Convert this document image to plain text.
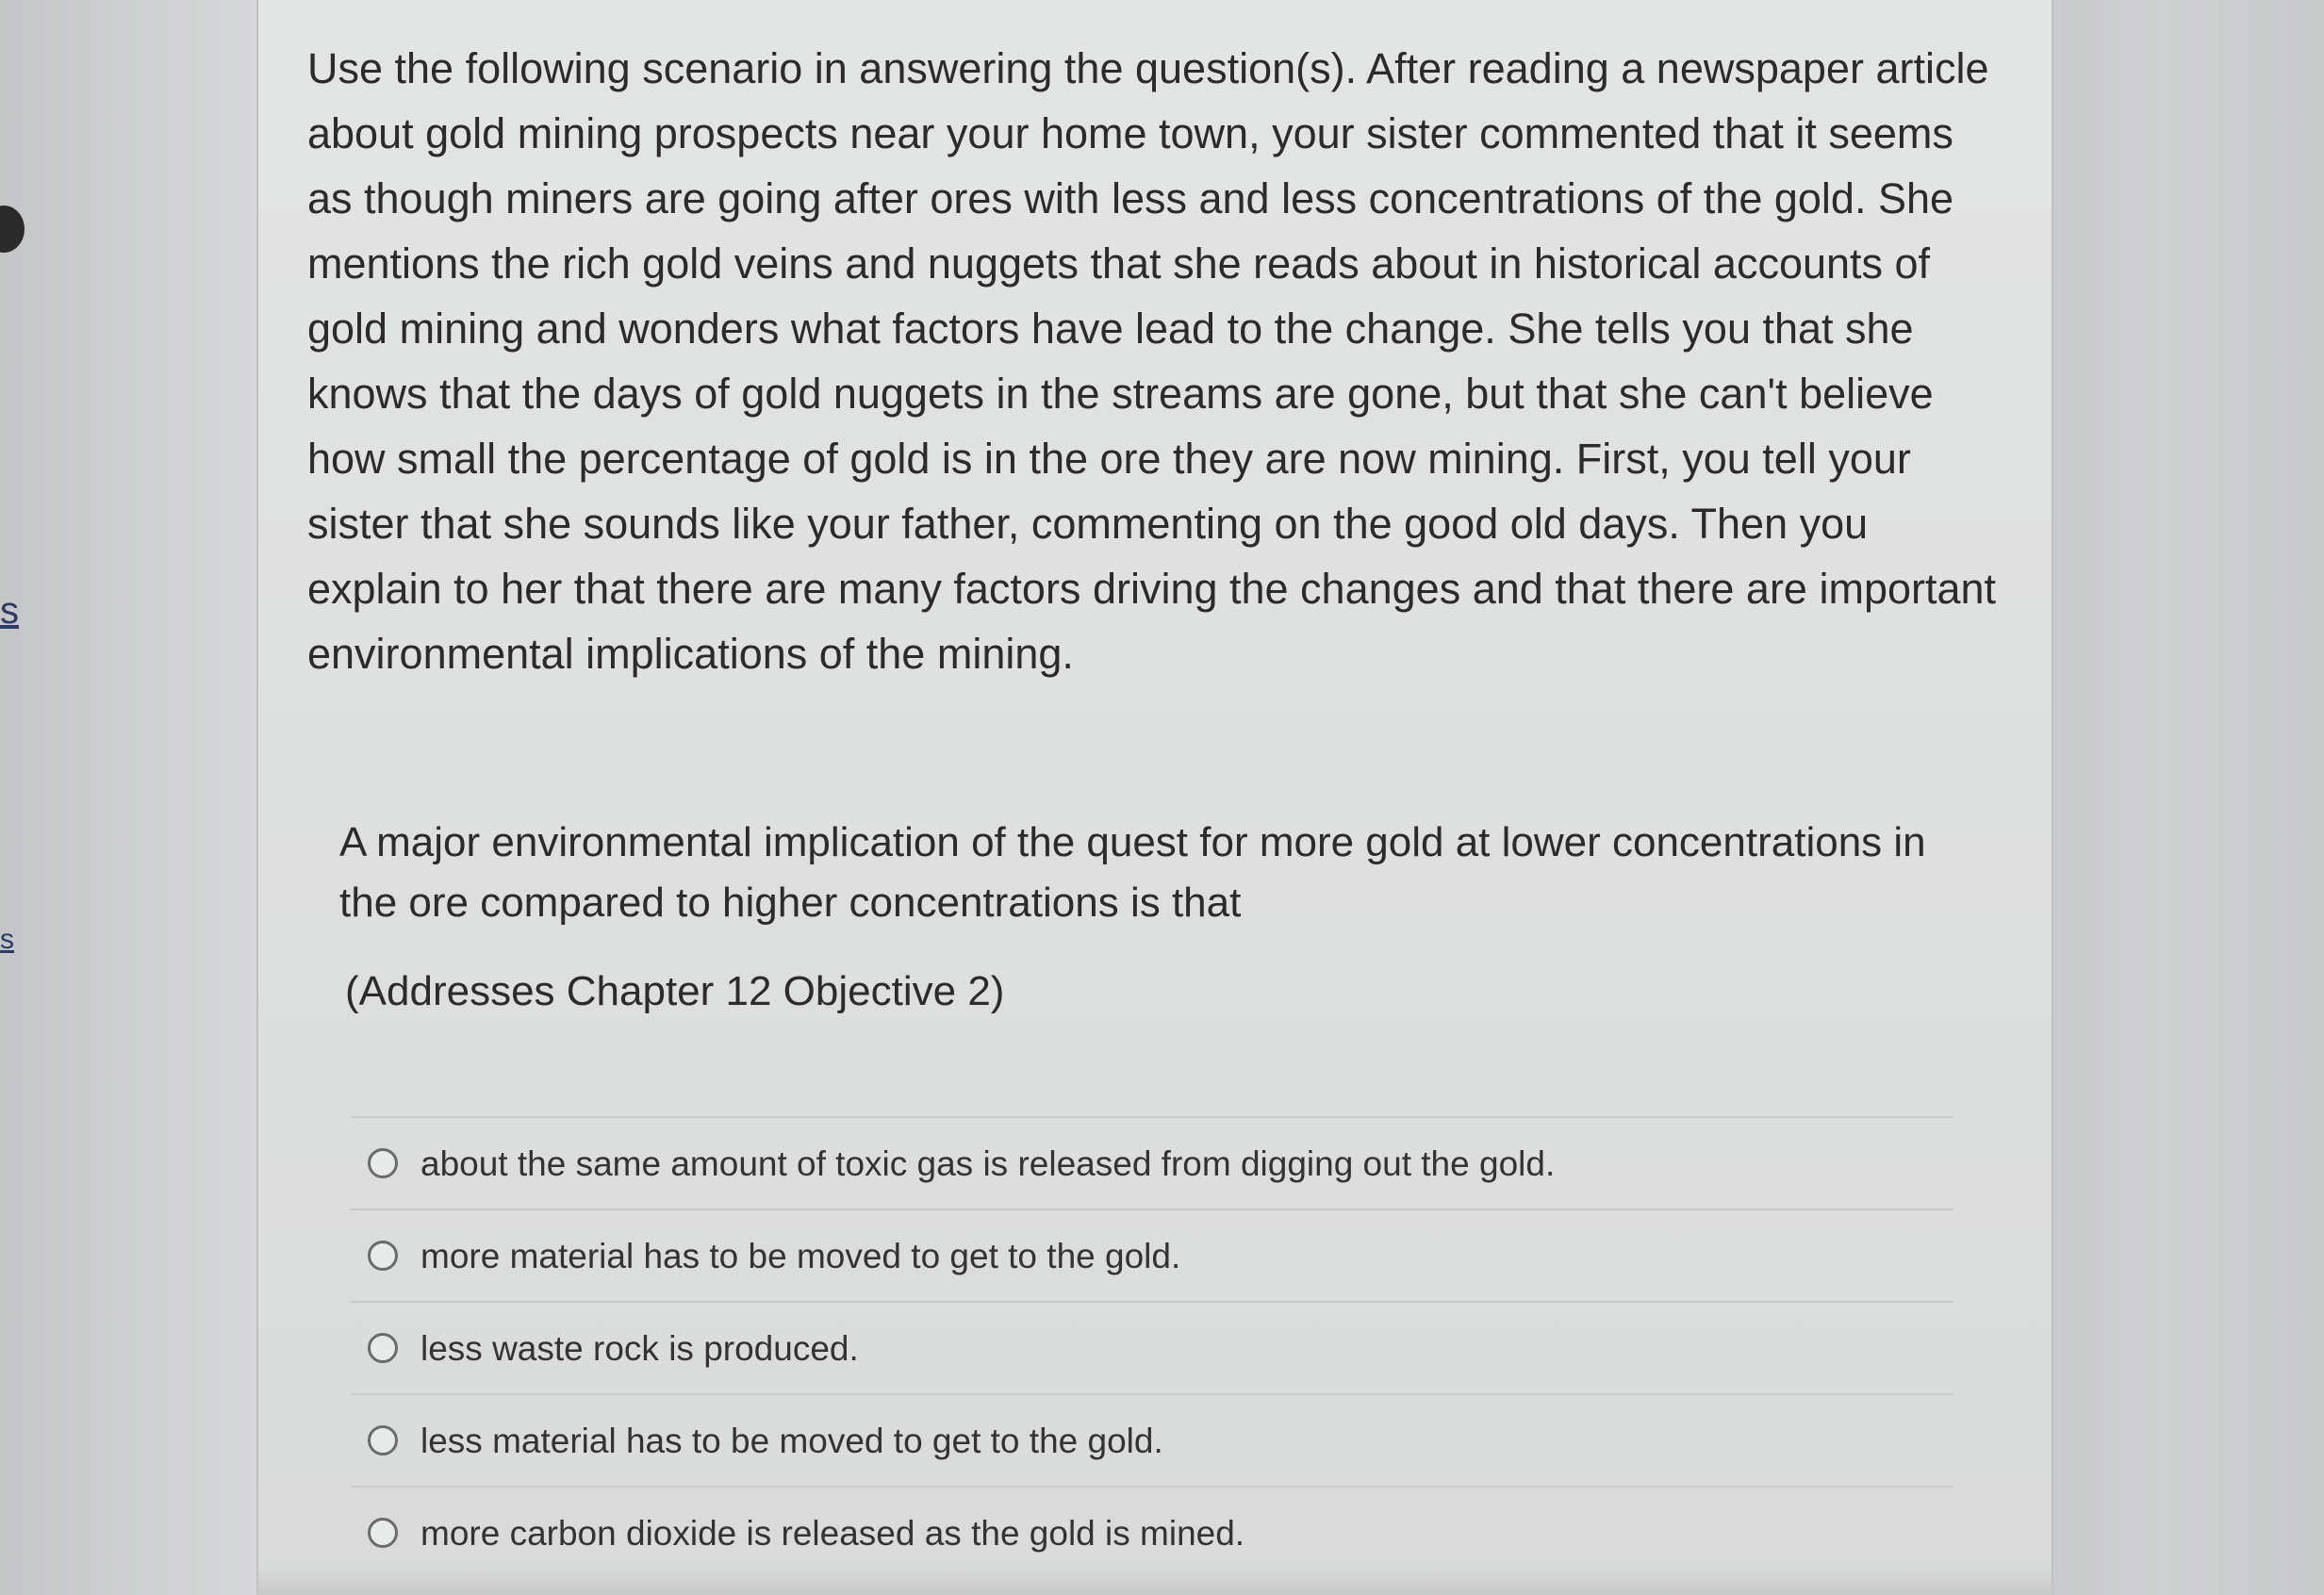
s
s

Use the following scenario in answering the question(s). After reading a newspaper article about gold mining prospects near your home town, your sister commented that it seems as though miners are going after ores with less and less concentrations of the gold. She mentions the rich gold veins and nuggets that she reads about in historical accounts of gold mining and wonders what factors have lead to the change. She tells you that she knows that the days of gold nuggets in the streams are gone, but that she can't believe how small the percentage of gold is in the ore they are now mining. First, you tell your sister that she sounds like your father, commenting on the good old days. Then you explain to her that there are many factors driving the changes and that there are important environmental implications of the mining.

A major environmental implication of the quest for more gold at lower concentrations in the ore compared to higher concentrations is that

(Addresses Chapter 12 Objective 2)

about the same amount of toxic gas is released from digging out the gold.
more material has to be moved to get to the gold.
less waste rock is produced.
less material has to be moved to get to the gold.
more carbon dioxide is released as the gold is mined.
